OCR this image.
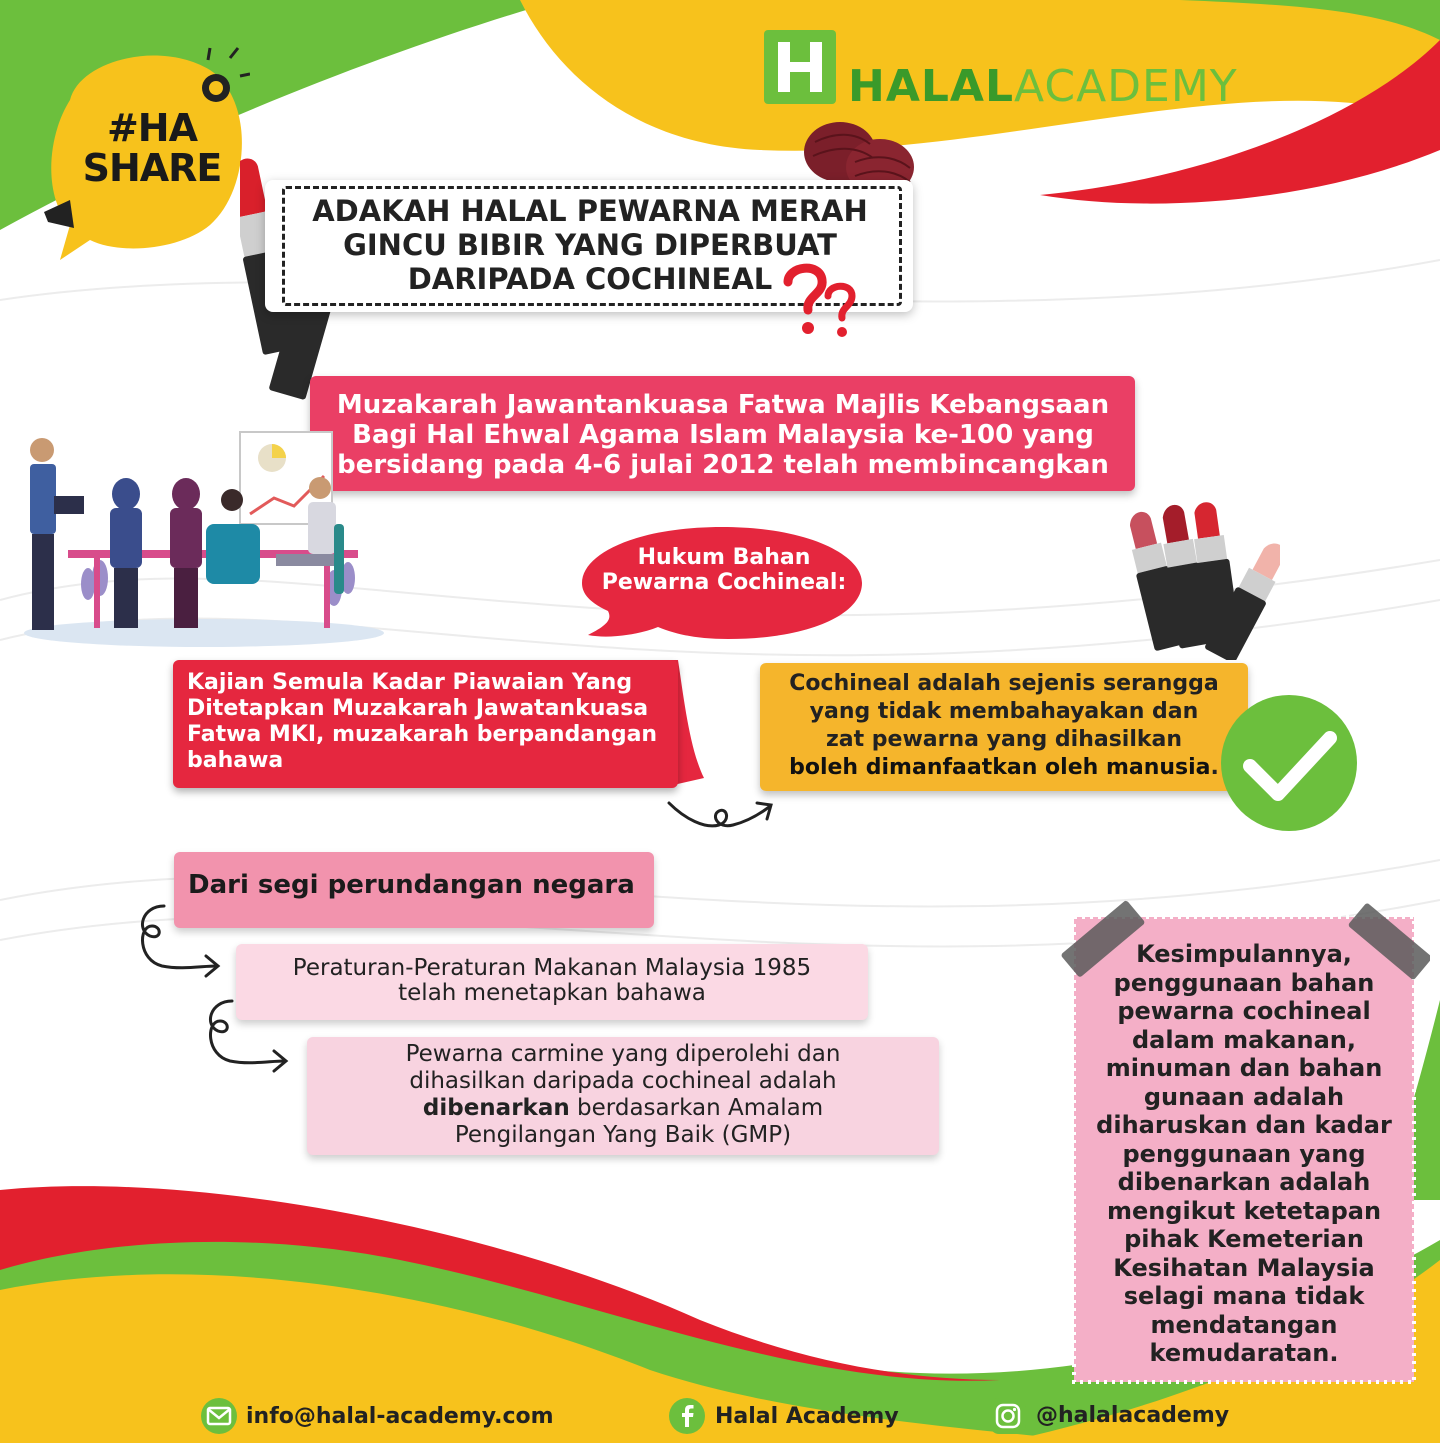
#HA
SHARE
HALALACADEMY
ADAKAH HALAL PEWARNA MERAH
GINCU BIBIR YANG DIPERBUAT
DARIPADA COCHINEAL
Muzakarah Jawantankuasa Fatwa Majlis Kebangsaan
Bagi Hal Ehwal Agama Islam Malaysia ke-100 yang
bersidang pada 4-6 julai 2012 telah membincangkan
Hukum Bahan
Pewarna Cochineal:
Kajian Semula Kadar Piawaian Yang
Ditetapkan Muzakarah Jawatankuasa
Fatwa MKI, muzakarah berpandangan
bahawa
Cochineal adalah sejenis serangga
yang tidak membahayakan dan
zat pewarna yang dihasilkan
boleh dimanfaatkan oleh manusia.
Dari segi perundangan negara
Peraturan-Peraturan Makanan Malaysia 1985
telah menetapkan bahawa
Pewarna carmine yang diperolehi dan
dihasilkan daripada cochineal adalah
dibenarkan berdasarkan Amalam
Pengilangan Yang Baik (GMP)
Kesimpulannya,
penggunaan bahan
pewarna cochineal
dalam makanan,
minuman dan bahan
gunaan adalah
diharuskan dan kadar
penggunaan yang
dibenarkan adalah
mengikut ketetapan
pihak Kemeterian
Kesihatan Malaysia
selagi mana tidak
mendatangan
kemudaratan.
info@halal-academy.com	Halal Academy	@halalacademy
